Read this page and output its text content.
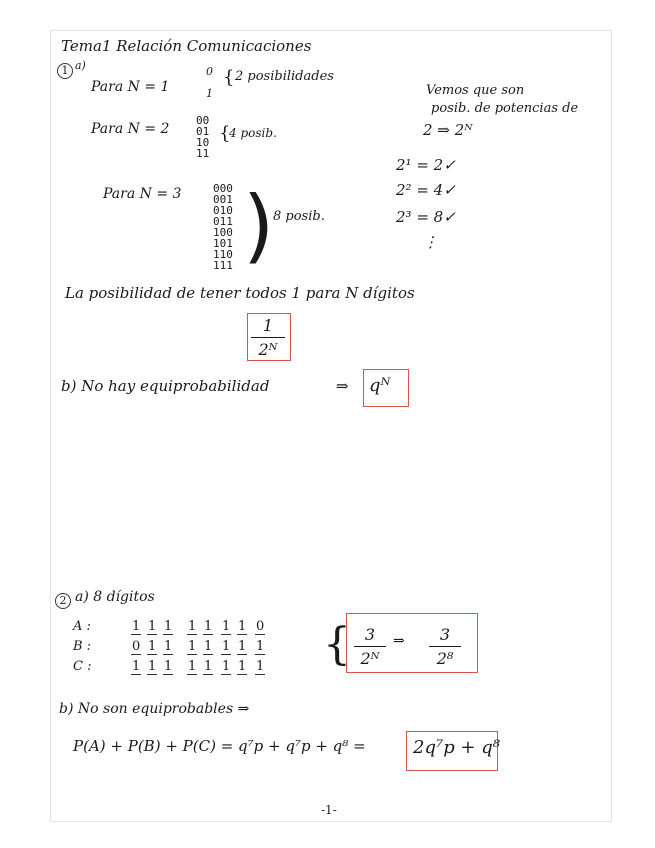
Tema1 Relación Comunicaciones
1 a)
Para N = 1
0
1
{ 2 posibilidades
Para N = 2
00
01
10
11
{
4 posib.
Para N = 3	000
001
010
011
100
101
110
111 )
8 posib.
Vemos que son
posib. de potencias de
2 ⇒ 2ᴺ
2¹ = 2✓
2² = 4✓
2³ = 8✓
⋮
La posibilidad de tener todos 1 para N dígitos
1
2ᴺ
b) No hay equiprobabilidad	⇒ qᴺ
2 a) 8 dígitos
A :	1 1 1 1 1 1 1 0
B :	0 1 1 1 1 1 1 1
C :	1 1 1 1 1 1 1 1 { 3
2ᴺ
⇒	3
2⁸
b) No son equiprobables ⇒
P(A) + P(B) + P(C) = q⁷p + q⁷p + q⁸ =	2q⁷p + q⁸
-1-
